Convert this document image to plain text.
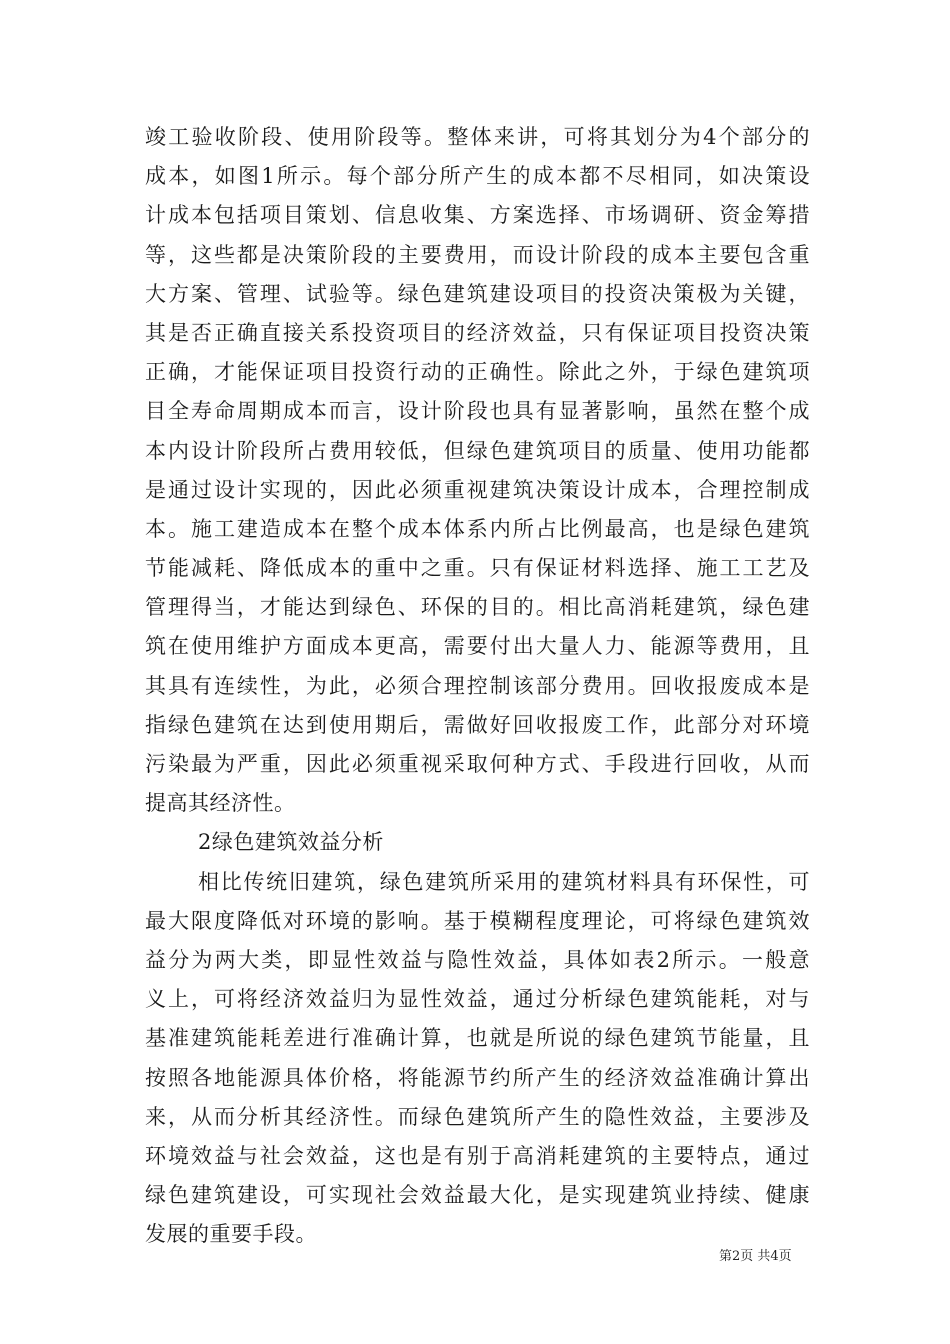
竣工验收阶段、使用阶段等。整体来讲，可将其划分为4个部分的
成本，如图1所示。每个部分所产生的成本都不尽相同，如决策设
计成本包括项目策划、信息收集、方案选择、市场调研、资金筹措
等，这些都是决策阶段的主要费用，而设计阶段的成本主要包含重
大方案、管理、试验等。绿色建筑建设项目的投资决策极为关键，
其是否正确直接关系投资项目的经济效益，只有保证项目投资决策
正确，才能保证项目投资行动的正确性。除此之外，于绿色建筑项
目全寿命周期成本而言，设计阶段也具有显著影响，虽然在整个成
本内设计阶段所占费用较低，但绿色建筑项目的质量、使用功能都
是通过设计实现的，因此必须重视建筑决策设计成本，合理控制成
本。施工建造成本在整个成本体系内所占比例最高，也是绿色建筑
节能减耗、降低成本的重中之重。只有保证材料选择、施工工艺及
管理得当，才能达到绿色、环保的目的。相比高消耗建筑，绿色建
筑在使用维护方面成本更高，需要付出大量人力、能源等费用，且
其具有连续性，为此，必须合理控制该部分费用。回收报废成本是
指绿色建筑在达到使用期后，需做好回收报废工作，此部分对环境
污染最为严重，因此必须重视采取何种方式、手段进行回收，从而
提高其经济性。
2绿色建筑效益分析
相比传统旧建筑，绿色建筑所采用的建筑材料具有环保性，可
最大限度降低对环境的影响。基于模糊程度理论，可将绿色建筑效
益分为两大类，即显性效益与隐性效益，具体如表2所示。一般意
义上，可将经济效益归为显性效益，通过分析绿色建筑能耗，对与
基准建筑能耗差进行准确计算，也就是所说的绿色建筑节能量，且
按照各地能源具体价格，将能源节约所产生的经济效益准确计算出
来，从而分析其经济性。而绿色建筑所产生的隐性效益，主要涉及
环境效益与社会效益，这也是有别于高消耗建筑的主要特点，通过
绿色建筑建设，可实现社会效益最大化，是实现建筑业持续、健康
发展的重要手段。
第2页 共4页
